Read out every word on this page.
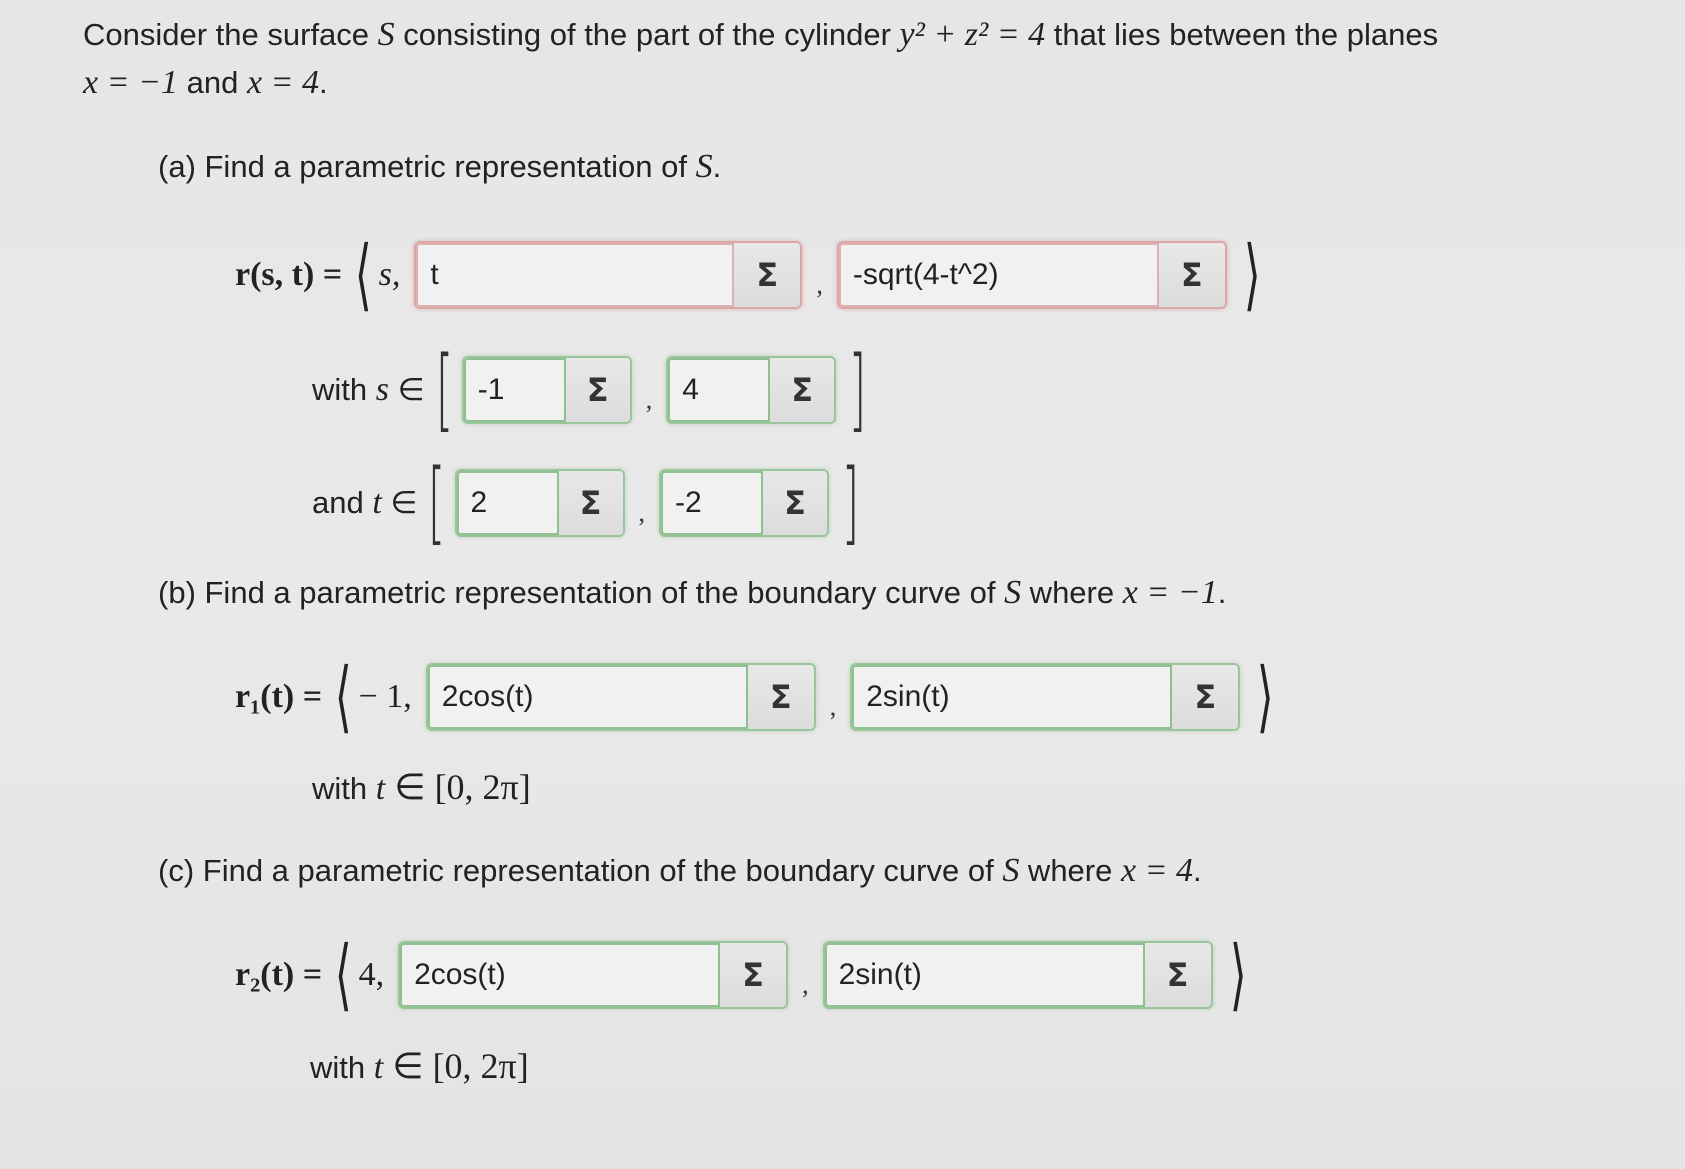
Consider the surface S consisting of the part of the cylinder y² + z² = 4 that lies between the planes
x = −1 and x = 4.
(a) Find a parametric representation of S.
r(s, t) = ⟨ s,	t	Σ	,	-sqrt(4-t^2)	Σ ⟩
with s ∈ [ -1	Σ	,	4	Σ ]
and t ∈ [ 2	Σ	,	-2	Σ ]
(b) Find a parametric representation of the boundary curve of S where x = −1.
r₁(t) = ⟨ − 1,	2cos(t)	Σ	,	2sin(t)	Σ ⟩
with t ∈ [0, 2π]
(c) Find a parametric representation of the boundary curve of S where x = 4.
r₂(t) = ⟨ 4,	2cos(t)	Σ	,	2sin(t)	Σ ⟩
with t ∈ [0, 2π]
